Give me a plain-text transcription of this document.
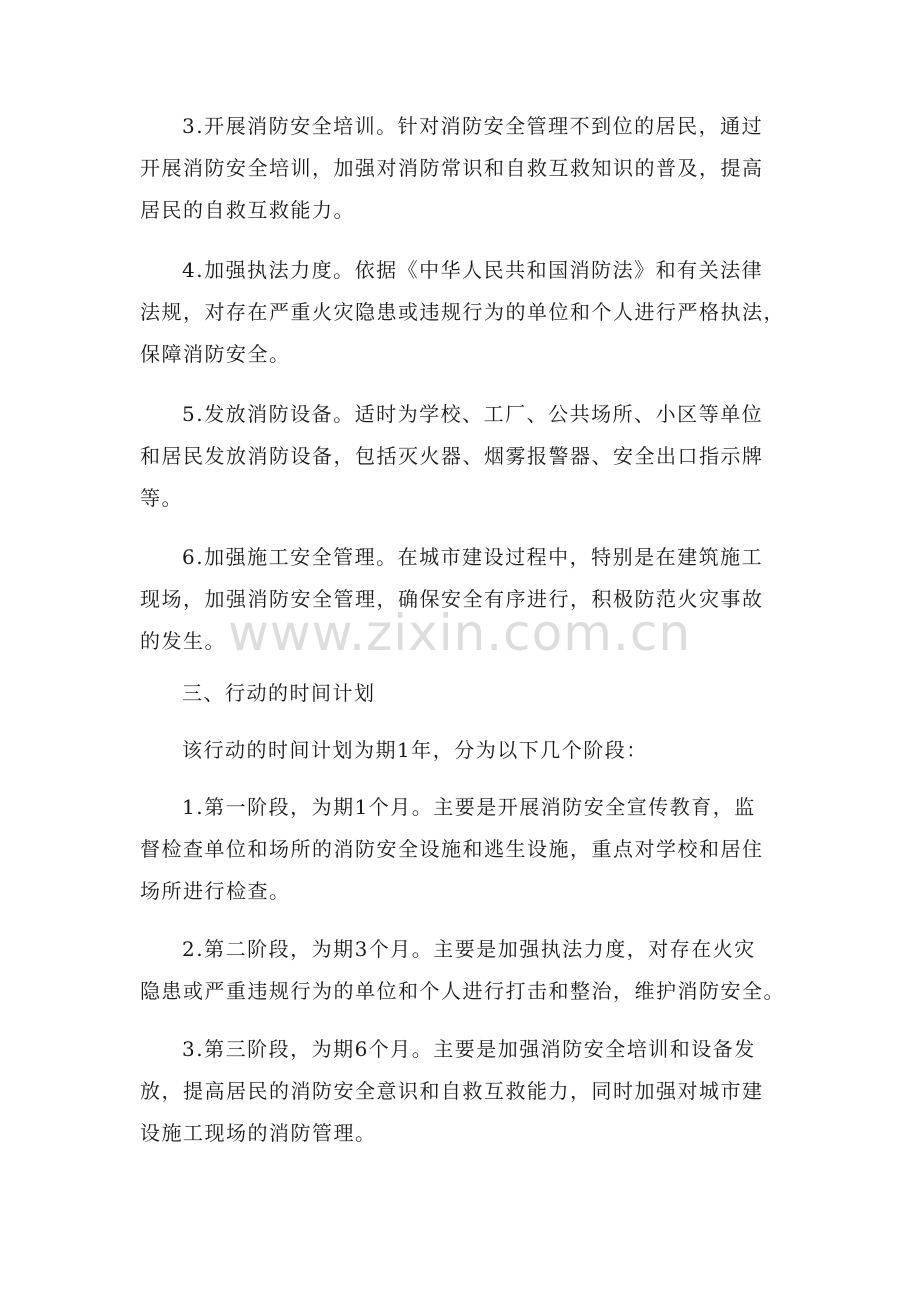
3.开展消防安全培训。针对消防安全管理不到位的居民，通过
开展消防安全培训，加强对消防常识和自救互救知识的普及，提高
居民的自救互救能力。

4.加强执法力度。依据《中华人民共和国消防法》和有关法律
法规，对存在严重火灾隐患或违规行为的单位和个人进行严格执法，
保障消防安全。

5.发放消防设备。适时为学校、工厂、公共场所、小区等单位
和居民发放消防设备，包括灭火器、烟雾报警器、安全出口指示牌
等。

6.加强施工安全管理。在城市建设过程中，特别是在建筑施工
现场，加强消防安全管理，确保安全有序进行，积极防范火灾事故
的发生。

三、行动的时间计划

该行动的时间计划为期1年，分为以下几个阶段：

1.第一阶段，为期1个月。主要是开展消防安全宣传教育，监
督检查单位和场所的消防安全设施和逃生设施，重点对学校和居住
场所进行检查。

2.第二阶段，为期3个月。主要是加强执法力度，对存在火灾
隐患或严重违规行为的单位和个人进行打击和整治，维护消防安全。

3.第三阶段，为期6个月。主要是加强消防安全培训和设备发
放，提高居民的消防安全意识和自救互救能力，同时加强对城市建
设施工现场的消防管理。

www.zixin.com.cn
